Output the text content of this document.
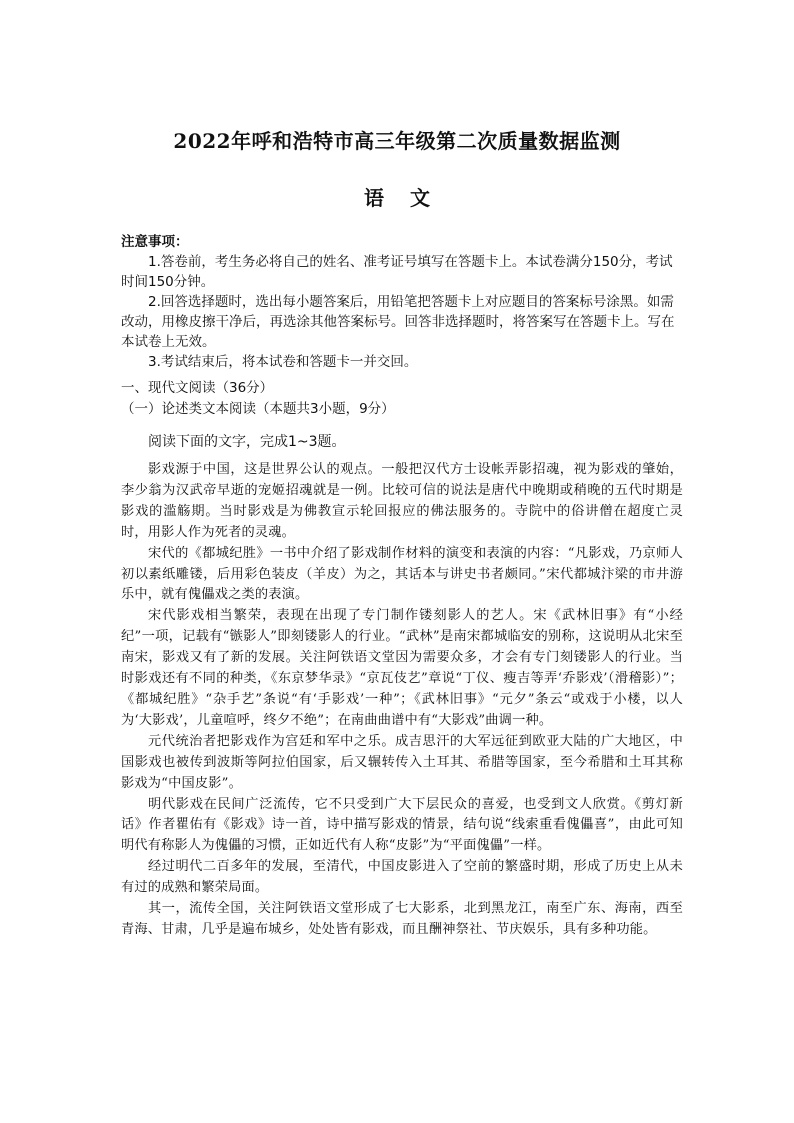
2022年呼和浩特市高三年级第二次质量数据监测
语文
注意事项：

1.答卷前，考生务必将自己的姓名、准考证号填写在答题卡上。本试卷满分150分，考试时间150分钟。

2.回答选择题时，选出每小题答案后，用铅笔把答题卡上对应题目的答案标号涂黑。如需改动，用橡皮擦干净后，再选涂其他答案标号。回答非选择题时，将答案写在答题卡上。写在本试卷上无效。

3.考试结束后，将本试卷和答题卡一并交回。

一、现代文阅读（36分）

（一）论述类文本阅读（本题共3小题，9分）

阅读下面的文字，完成1~3题。

影戏源于中国，这是世界公认的观点。一般把汉代方士设帐弄影招魂，视为影戏的肇始，李少翁为汉武帝早逝的宠姬招魂就是一例。比较可信的说法是唐代中晚期或稍晚的五代时期是影戏的滥觞期。当时影戏是为佛教宣示轮回报应的佛法服务的。寺院中的俗讲僧在超度亡灵时，用影人作为死者的灵魂。

宋代的《都城纪胜》一书中介绍了影戏制作材料的演变和表演的内容：“凡影戏，乃京师人初以素纸雕镂，后用彩色装皮（羊皮）为之，其话本与讲史书者颇同。”宋代都城汴梁的市井游乐中，就有傀儡戏之类的表演。

宋代影戏相当繁荣，表现在出现了专门制作镂刻影人的艺人。宋《武林旧事》有“小经纪”一项，记载有“镞影人”即刻镂影人的行业。“武林”是南宋都城临安的别称，这说明从北宋至南宋，影戏又有了新的发展。关注阿铁语文堂因为需要众多，才会有专门刻镂影人的行业。当时影戏还有不同的种类，《东京梦华录》“京瓦伎艺”章说“丁仪、瘦吉等弄‘乔影戏’（滑稽影）”；《都城纪胜》“杂手艺”条说“有‘手影戏’一种”；《武林旧事》“元夕”条云“或戏于小楼，以人为‘大影戏’，儿童喧呼，终夕不绝”；在南曲曲谱中有“大影戏”曲调一种。

元代统治者把影戏作为宫廷和军中之乐。成吉思汗的大军远征到欧亚大陆的广大地区，中国影戏也被传到波斯等阿拉伯国家，后又辗转传入土耳其、希腊等国家，至今希腊和土耳其称影戏为“中国皮影”。

明代影戏在民间广泛流传，它不只受到广大下层民众的喜爱，也受到文人欣赏。《剪灯新话》作者瞿佑有《影戏》诗一首，诗中描写影戏的情景，结句说“线索重看傀儡喜”，由此可知明代有称影人为傀儡的习惯，正如近代有人称“皮影”为“平面傀儡”一样。

经过明代二百多年的发展，至清代，中国皮影进入了空前的繁盛时期，形成了历史上从未有过的成熟和繁荣局面。

其一，流传全国，关注阿铁语文堂形成了七大影系，北到黑龙江，南至广东、海南，西至青海、甘肃，几乎是遍布城乡，处处皆有影戏，而且酬神祭社、节庆娱乐，具有多种功能。
